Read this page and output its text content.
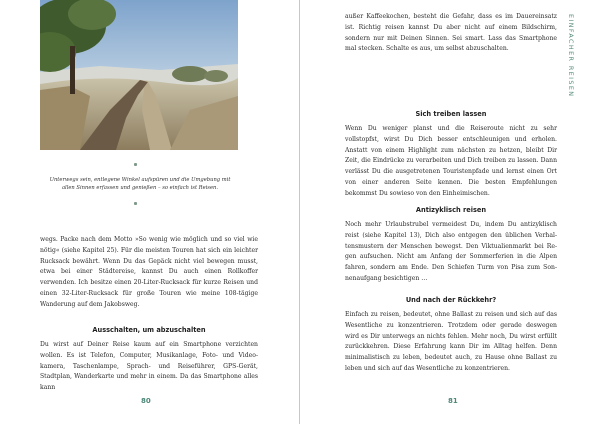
Unterwegs sein, entlegene Winkel aufspüren und die Umgebung mit allen Sinnen erfassen und genießen – so einfach ist Reisen.

wegs. Packe nach dem Motto »So wenig wie möglich und so viel wie nötig« (siehe Kapitel 25). Für die meisten Touren hat sich ein leichter Rucksack bewährt. Wenn Du das Gepäck nicht viel bewegen musst, etwa bei einer Städtereise, kannst Du auch einen Rollkoffer verwenden. Ich besitze einen 20-Liter-Rucksack für kurze Reisen und einen 32-Liter-Rucksack für große Touren wie meine 108-tägige Wanderung auf dem Jakobsweg.

Ausschalten, um abzuschalten

Du wirst auf Deiner Reise kaum auf ein Smartphone verzichten wollen. Es ist Telefon, Computer, Musikanlage, Foto- und Videokamera, Taschenlampe, Sprach- und Reiseführer, GPS-Gerät, Stadtplan, Wanderkarte und mehr in einem. Da das Smartphone alles kann

80

außer Kaffeekochen, besteht die Gefahr, dass es im Dauereinsatz ist. Richtig reisen kannst Du aber nicht auf einem Bildschirm, sondern nur mit Deinen Sinnen. Sei smart. Lass das Smartphone mal stecken. Schalte es aus, um selbst abzuschalten.

Sich treiben lassen

Wenn Du weniger planst und die Reiseroute nicht zu sehr vollstopfst, wirst Du Dich besser entschleunigen und erholen. Anstatt von einem Highlight zum nächsten zu hetzen, bleibt Dir Zeit, die Eindrücke zu verarbeiten und Dich treiben zu lassen. Dann verlässt Du die ausgetretenen Touristenpfade und lernst einen Ort von einer anderen Seite kennen. Die besten Empfehlungen bekommst Du sowieso von den Einheimischen.

Antizyklisch reisen

Noch mehr Urlaubstrubel vermeidest Du, indem Du antizyklisch reist (siehe Kapitel 13), Dich also entgegen den üblichen Verhaltensmustern der Menschen bewegst. Den Viktualienmarkt bei Regen aufsuchen. Nicht am Anfang der Sommerferien in die Alpen fahren, sondern am Ende. Den Schiefen Turm von Pisa zum Sonnenaufgang besichtigen …

Und nach der Rückkehr?

Einfach zu reisen, bedeutet, ohne Ballast zu reisen und sich auf das Wesentliche zu konzentrieren. Trotzdem oder gerade deswegen wird es Dir unterwegs an nichts fehlen. Mehr noch, Du wirst erfüllt zurückkehren. Diese Erfahrung kann Dir im Alltag helfen. Denn minimalistisch zu leben, bedeutet auch, zu Hause ohne Ballast zu leben und sich auf das Wesentliche zu konzentrieren.

81
EINFACHER REISEN
